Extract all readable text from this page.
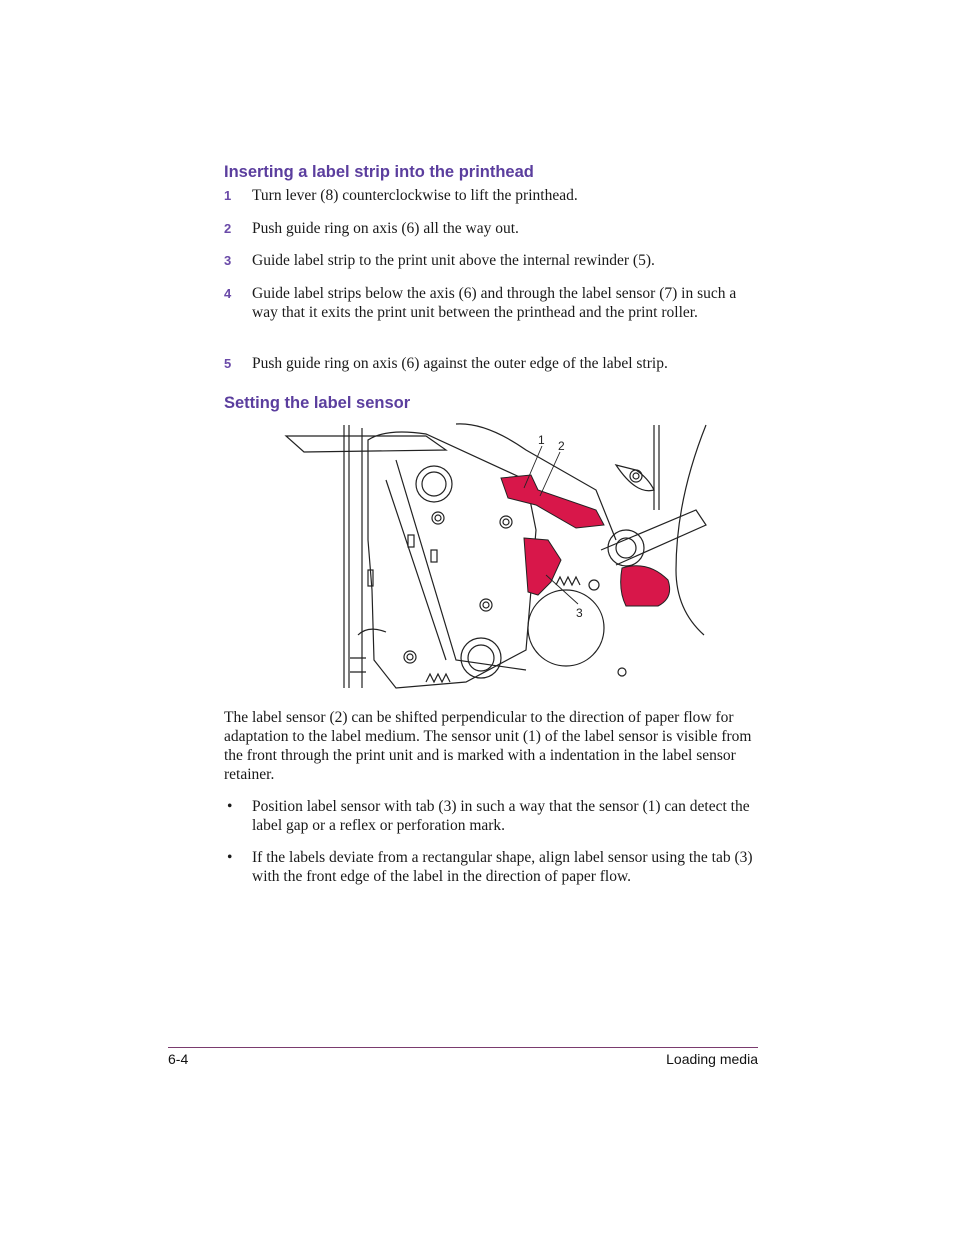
Inserting a label strip into the printhead
1 Turn lever (8) counterclockwise to lift the printhead.
2 Push guide ring on axis (6) all the way out.
3 Guide label strip to the print unit above the internal rewinder (5).
4 Guide label strips below the axis (6) and through the label sensor (7) in such a way that it exits the print unit between the printhead and the print roller.
5 Push guide ring on axis (6) against the outer edge of the label strip.
Setting the label sensor
1 2
3

The label sensor (2) can be shifted perpendicular to the direction of paper flow for adaptation to the label medium. The sensor unit (1) of the label sensor is visible from the front through the print unit and is marked with a indentation in the label sensor retainer.

• Position label sensor with tab (3) in such a way that the sensor (1) can detect the label gap or a reflex or perforation mark.
• If the labels deviate from a rectangular shape, align label sensor using the tab (3) with the front edge of the label in the direction of paper flow.
6-4	Loading media
